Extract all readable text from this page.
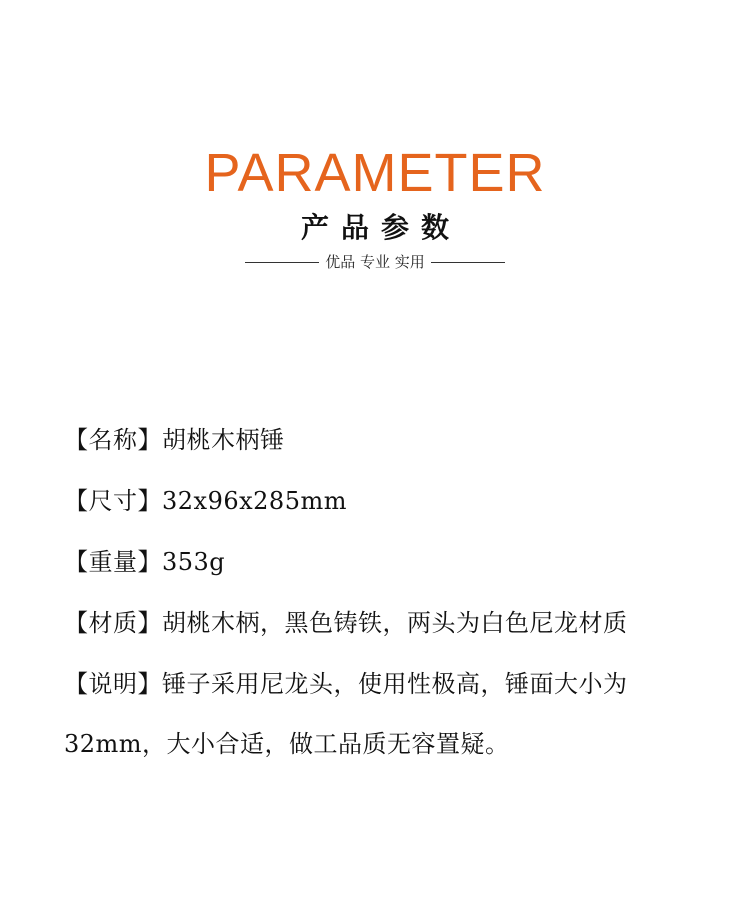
PARAMETER
产品参数
优品 专业 实用
【名称】 胡桃木柄锤
【尺寸】 32x96x285mm
【重量】 353g
【材质】 胡桃木柄，黑色铸铁，两头为白色尼龙材质
【说明】 锤子采用尼龙头，使用性极高，锤面大小为
32mm，大小合适，做工品质无容置疑。
